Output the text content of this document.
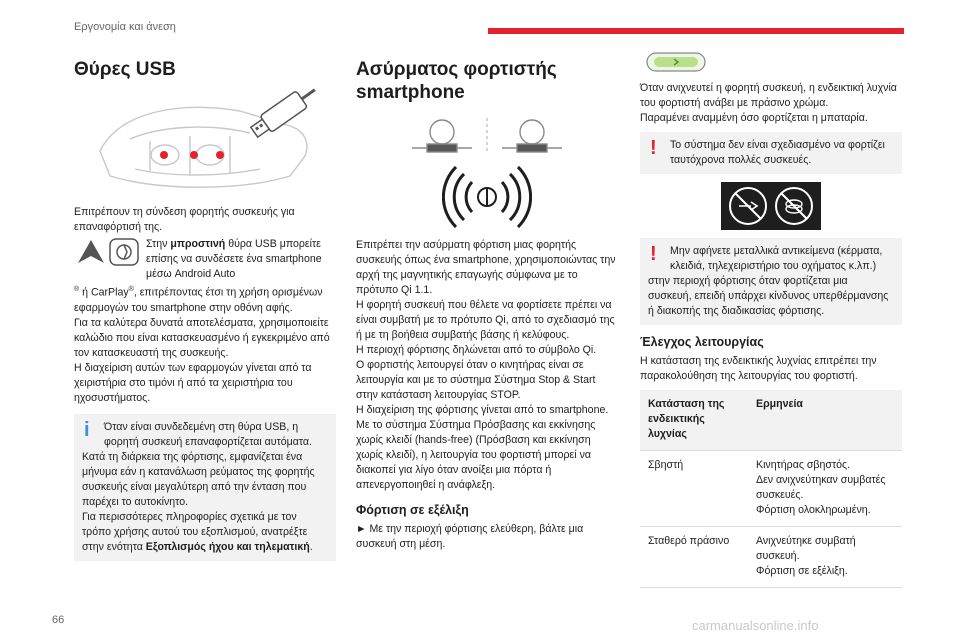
Εργονομία και άνεση
Θύρες USB

Επιτρέπουν τη σύνδεση φορητής συσκευής για επαναφόρτισή της.

Στην μπροστινή θύρα USB μπορείτε επίσης να συνδέσετε ένα smartphone μέσω Android Auto

® ή CarPlay®, επιτρέποντας έτσι τη χρήση ορισμένων εφαρμογών του smartphone στην οθόνη αφής.

Για τα καλύτερα δυνατά αποτελέσματα, χρησιμοποιείτε καλώδιο που είναι κατασκευασμένο ή εγκεκριμένο από τον κατασκευαστή της συσκευής.

Η διαχείριση αυτών των εφαρμογών γίνεται από τα χειριστήρια στο τιμόνι ή από τα χειριστήρια του ηχοσυστήματος.

i	Όταν είναι συνδεδεμένη στη θύρα USB, η φορητή συσκευή επαναφορτίζεται αυτόματα.

Κατά τη διάρκεια της φόρτισης, εμφανίζεται ένα μήνυμα εάν η κατανάλωση ρεύματος της φορητής συσκευής είναι μεγαλύτερη από την ένταση που παρέχει το αυτοκίνητο.

Για περισσότερες πληροφορίες σχετικά με τον τρόπο χρήσης αυτού του εξοπλισμού, ανατρέξτε στην ενότητα Εξοπλισμός ήχου και τηλεματική.

Ασύρματος φορτιστής smartphone

Επιτρέπει την ασύρματη φόρτιση μιας φορητής συσκευής όπως ένα smartphone, χρησιμοποιώντας την αρχή της μαγνητικής επαγωγής σύμφωνα με το πρότυπο Qi 1.1.

Η φορητή συσκευή που θέλετε να φορτίσετε πρέπει να είναι συμβατή με το πρότυπο Qi, από το σχεδιασμό της ή με τη βοήθεια συμβατής βάσης ή κελύφους.

Η περιοχή φόρτισης δηλώνεται από το σύμβολο Qi.

Ο φορτιστής λειτουργεί όταν ο κινητήρας είναι σε λειτουργία και με το σύστημα Σύστημα Stop & Start στην κατάσταση λειτουργίας STOP.

Η διαχείριση της φόρτισης γίνεται από το smartphone.

Με το σύστημα Σύστημα Πρόσβασης και εκκίνησης χωρίς κλειδί (hands-free) (Πρόσβαση και εκκίνηση χωρίς κλειδί), η λειτουργία του φορτιστή μπορεί να διακοπεί για λίγο όταν ανοίξει μια πόρτα ή απενεργοποιηθεί η ανάφλεξη.

Φόρτιση σε εξέλιξη

► Με την περιοχή φόρτισης ελεύθερη, βάλτε μια συσκευή στη μέση.

Όταν ανιχνευτεί η φορητή συσκευή, η ενδεικτική λυχνία του φορτιστή ανάβει με πράσινο χρώμα.

Παραμένει αναμμένη όσο φορτίζεται η μπαταρία.

!	Το σύστημα δεν είναι σχεδιασμένο να φορτίζει ταυτόχρονα πολλές συσκευές.

!	Μην αφήνετε μεταλλικά αντικείμενα (κέρματα, κλειδιά, τηλεχειριστήριο του οχήματος κ.λπ.)

στην περιοχή φόρτισης όταν φορτίζεται μια συσκευή, επειδή υπάρχει κίνδυνος υπερθέρμανσης ή διακοπής της διαδικασίας φόρτισης.

Έλεγχος λειτουργίας

Η κατάσταση της ενδεικτικής λυχνίας επιτρέπει την παρακολούθηση της λειτουργίας του φορτιστή.

Κατάσταση της ενδεικτικής λυχνίας	Ερμηνεία
Σβηστή	Κινητήρας σβηστός.
Δεν ανιχνεύτηκαν συμβατές συσκευές.
Φόρτιση ολοκληρωμένη.
Σταθερό πράσινο	Ανιχνεύτηκε συμβατή συσκευή.
Φόρτιση σε εξέλιξη.
66	carmanualsonline.info
